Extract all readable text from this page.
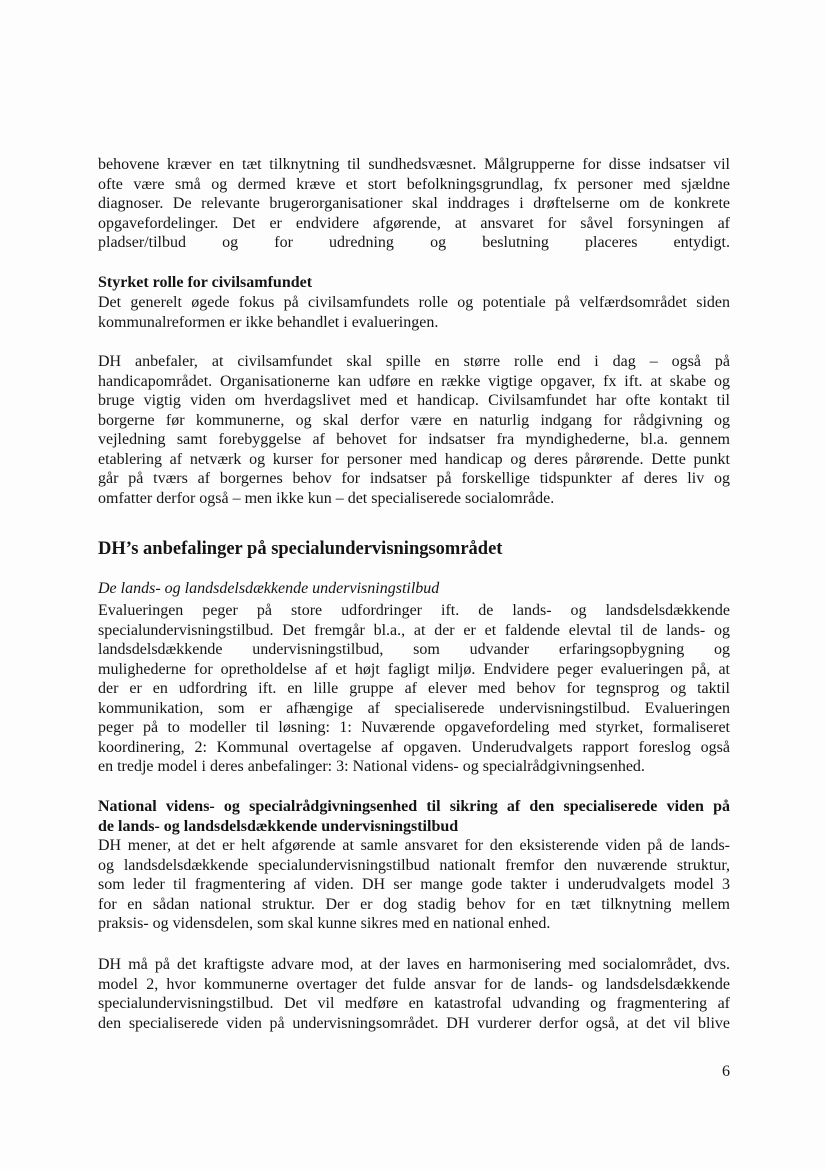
behovene kræver en tæt tilknytning til sundhedsvæsnet. Målgrupperne for disse indsatser vil
ofte være små og dermed kræve et stort befolkningsgrundlag, fx personer med sjældne
diagnoser. De relevante brugerorganisationer skal inddrages i drøftelserne om de konkrete
opgavefordelinger. Det er endvidere afgørende, at ansvaret for såvel forsyningen af
pladser/tilbud og for udredning og beslutning placeres entydigt.
Styrket rolle for civilsamfundet
Det generelt øgede fokus på civilsamfundets rolle og potentiale på velfærdsområdet siden
kommunalreformen er ikke behandlet i evalueringen.
DH anbefaler, at civilsamfundet skal spille en større rolle end i dag – også på
handicapområdet. Organisationerne kan udføre en række vigtige opgaver, fx ift. at skabe og
bruge vigtig viden om hverdagslivet med et handicap. Civilsamfundet har ofte kontakt til
borgerne før kommunerne, og skal derfor være en naturlig indgang for rådgivning og
vejledning samt forebyggelse af behovet for indsatser fra myndighederne, bl.a. gennem
etablering af netværk og kurser for personer med handicap og deres pårørende. Dette punkt
går på tværs af borgernes behov for indsatser på forskellige tidspunkter af deres liv og
omfatter derfor også – men ikke kun – det specialiserede socialområde.
DH’s anbefalinger på specialundervisningsområdet
De lands- og landsdelsdækkende undervisningstilbud
Evalueringen peger på store udfordringer ift. de lands- og landsdelsdækkende
specialundervisningstilbud. Det fremgår bl.a., at der er et faldende elevtal til de lands- og
landsdelsdækkende undervisningstilbud, som udvander erfaringsopbygning og
mulighederne for opretholdelse af et højt fagligt miljø. Endvidere peger evalueringen på, at
der er en udfordring ift. en lille gruppe af elever med behov for tegnsprog og taktil
kommunikation, som er afhængige af specialiserede undervisningstilbud. Evalueringen
peger på to modeller til løsning: 1: Nuværende opgavefordeling med styrket, formaliseret
koordinering, 2: Kommunal overtagelse af opgaven. Underudvalgets rapport foreslog også
en tredje model i deres anbefalinger: 3: National videns- og specialrådgivningsenhed.
National videns- og specialrådgivningsenhed til sikring af den specialiserede viden på
de lands- og landsdelsdækkende undervisningstilbud
DH mener, at det er helt afgørende at samle ansvaret for den eksisterende viden på de lands-
og landsdelsdækkende specialundervisningstilbud nationalt fremfor den nuværende struktur,
som leder til fragmentering af viden. DH ser mange gode takter i underudvalgets model 3
for en sådan national struktur. Der er dog stadig behov for en tæt tilknytning mellem
praksis- og vidensdelen, som skal kunne sikres med en national enhed.
DH må på det kraftigste advare mod, at der laves en harmonisering med socialområdet, dvs.
model 2, hvor kommunerne overtager det fulde ansvar for de lands- og landsdelsdækkende
specialundervisningstilbud. Det vil medføre en katastrofal udvanding og fragmentering af
den specialiserede viden på undervisningsområdet. DH vurderer derfor også, at det vil blive
6
